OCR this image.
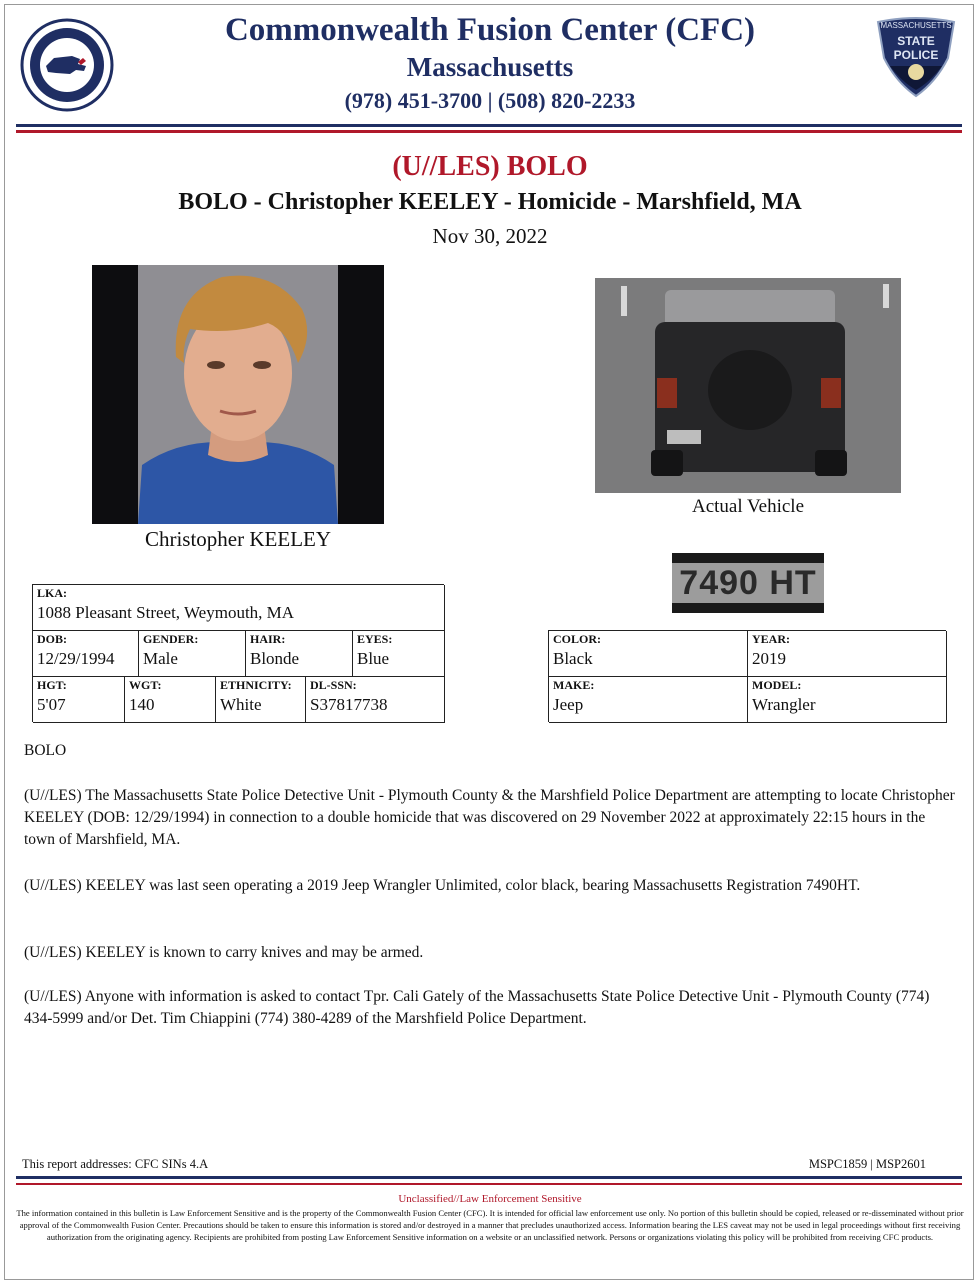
MASSACHUSETTS
STATE
POLICE
Commonwealth Fusion Center (CFC)
Massachusetts
(978) 451-3700 | (508) 820-2233
(U//LES) BOLO
BOLO - Christopher KEELEY - Homicide - Marshfield, MA
Nov 30, 2022
Christopher KEELEY
Actual Vehicle
7490 HT
LKA:
1088 Pleasant Street, Weymouth, MA
DOB:
12/29/1994
GENDER:
Male
HAIR:
Blonde
EYES:
Blue
HGT:
5'07
WGT:
140
ETHNICITY:
White
DL-SSN:
S37817738
COLOR:
Black
YEAR:
2019
MAKE:
Jeep
MODEL:
Wrangler
BOLO
(U//LES) The Massachusetts State Police Detective Unit - Plymouth County & the Marshfield Police Department are attempting to locate Christopher KEELEY (DOB: 12/29/1994) in connection to a double homicide that was discovered on 29 November 2022 at approximately 22:15 hours in the town of Marshfield, MA.
(U//LES) KEELEY was last seen operating a 2019 Jeep Wrangler Unlimited, color black, bearing Massachusetts Registration 7490HT.
(U//LES) KEELEY is known to carry knives and may be armed.
(U//LES) Anyone with information is asked to contact Tpr. Cali Gately of the Massachusetts State Police Detective Unit - Plymouth County (774) 434-5999 and/or Det. Tim Chiappini (774) 380-4289 of the Marshfield Police Department.
This report addresses: CFC SINs 4.A	MSPC1859 | MSP2601
Unclassified//Law Enforcement Sensitive
The information contained in this bulletin is Law Enforcement Sensitive and is the property of the Commonwealth Fusion Center (CFC). It is intended for official law enforcement use only. No portion of this bulletin should be copied, released or re-disseminated without prior approval of the Commonwealth Fusion Center. Precautions should be taken to ensure this information is stored and/or destroyed in a manner that precludes unauthorized access. Information bearing the LES caveat may not be used in legal proceedings without first receiving authorization from the originating agency. Recipients are prohibited from posting Law Enforcement Sensitive information on a website or an unclassified network. Persons or organizations violating this policy will be prohibited from receiving CFC products.
